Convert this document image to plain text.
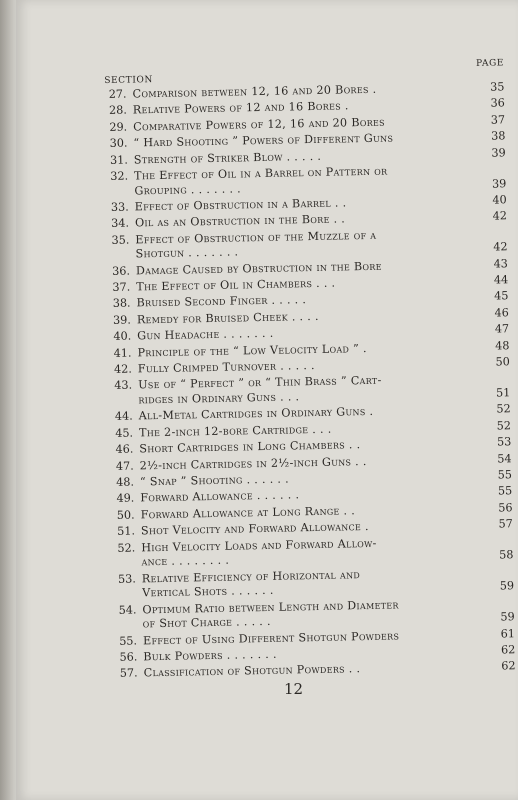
SECTION
PAGE
27. Comparison between 12, 16 and 20 Bores .	35
28. Relative Powers of 12 and 16 Bores .	36
29. Comparative Powers of 12, 16 and 20 Bores	37
30. “ Hard Shooting ” Powers of Different Guns	38
31. Strength of Striker Blow . . . . .	39
32. The Effect of Oil in a Barrel on Pattern or
Grouping . . . . . . .	39
33. Effect of Obstruction in a Barrel . .	40
34. Oil as an Obstruction in the Bore . .	42
35. Effect of Obstruction of the Muzzle of a
Shotgun . . . . . . .	42
36. Damage Caused by Obstruction in the Bore	43
37. The Effect of Oil in Chambers . . .	44
38. Bruised Second Finger . . . . .	45
39. Remedy for Bruised Cheek . . . .	46
40. Gun Headache . . . . . . .	47
41. Principle of the “ Low Velocity Load ” .	48
42. Fully Crimped Turnover . . . . .	50
43. Use of “ Perfect ” or “ Thin Brass ” Cart-
ridges in Ordinary Guns . . .	51
44. All-Metal Cartridges in Ordinary Guns .	52
45. The 2-inch 12-bore Cartridge . . .	52
46. Short Cartridges in Long Chambers . .	53
47. 2½-inch Cartridges in 2½-inch Guns . .	54
48. “ Snap ” Shooting . . . . . .	55
49. Forward Allowance . . . . . .	55
50. Forward Allowance at Long Range . .	56
51. Shot Velocity and Forward Allowance .	57
52. High Velocity Loads and Forward Allow-
ance . . . . . . . .	58
53. Relative Efficiency of Horizontal and
Vertical Shots . . . . . .	59
54. Optimum Ratio between Length and Diameter
of Shot Charge . . . . .	59
55. Effect of Using Different Shotgun Powders	61
56. Bulk Powders . . . . . . .	62
57. Classification of Shotgun Powders . .	62
12
